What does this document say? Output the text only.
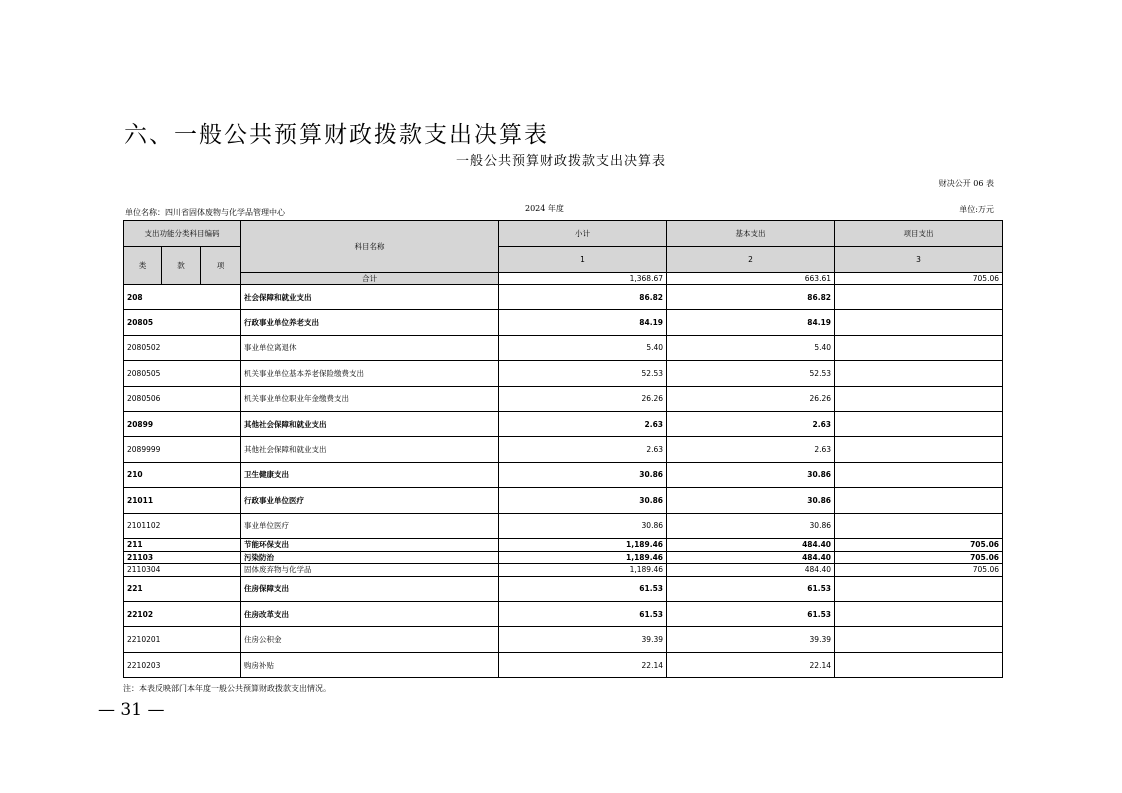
六、一般公共预算财政拨款支出决算表
一般公共预算财政拨款支出决算表
财决公开 06 表
单位名称：四川省固体废物与化学品管理中心	2024 年度	单位:万元
支出功能分类科目编码			科目名称	小计	基本支出	项目支出
类	款	项		1	2	3
			合计	1,368.67	663.61	705.06
208			社会保障和就业支出	86.82	86.82	
20805			行政事业单位养老支出	84.19	84.19	
2080502			事业单位离退休	5.40	5.40	
2080505			机关事业单位基本养老保险缴费支出	52.53	52.53	
2080506			机关事业单位职业年金缴费支出	26.26	26.26	
20899			其他社会保障和就业支出	2.63	2.63	
2089999			其他社会保障和就业支出	2.63	2.63	
210			卫生健康支出	30.86	30.86	
21011			行政事业单位医疗	30.86	30.86	
2101102			事业单位医疗	30.86	30.86	
211			节能环保支出	1,189.46	484.40	705.06
21103			污染防治	1,189.46	484.40	705.06
2110304			固体废弃物与化学品	1,189.46	484.40	705.06
221			住房保障支出	61.53	61.53	
22102			住房改革支出	61.53	61.53	
2210201			住房公积金	39.39	39.39	
2210203			购房补贴	22.14	22.14	
注：本表反映部门本年度一般公共预算财政拨款支出情况。
— 31 —
